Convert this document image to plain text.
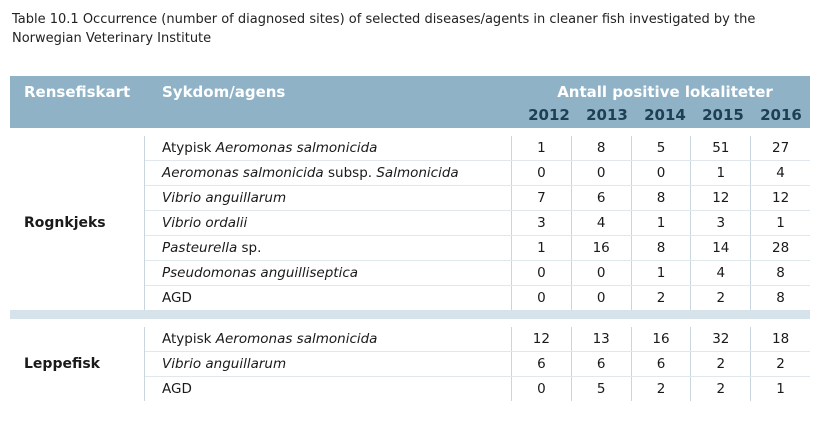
Table 10.1 Occurrence (number of diagnosed sites) of selected diseases/agents in cleaner fish investigated by the
Norwegian Veterinary Institute
Rensefiskart Sykdom/agens	Antall positive lokaliteter
2012	2013	2014	2015	2016
Rognkjeks
Atypisk Aeromonas salmonicida	1	8	5	51	27
Aeromonas salmonicida subsp. Salmonicida	0	0	0	1	4
Vibrio anguillarum	7	6	8	12	12
Vibrio ordalii	3	4	1	3	1
Pasteurella sp.	1	16	8	14	28
Pseudomonas anguilliseptica	0	0	1	4	8
AGD	0	0	2	2	8
Leppefisk
Atypisk Aeromonas salmonicida	12	13	16	32	18
Vibrio anguillarum	6	6	6	2	2
AGD	0	5	2	2	1
